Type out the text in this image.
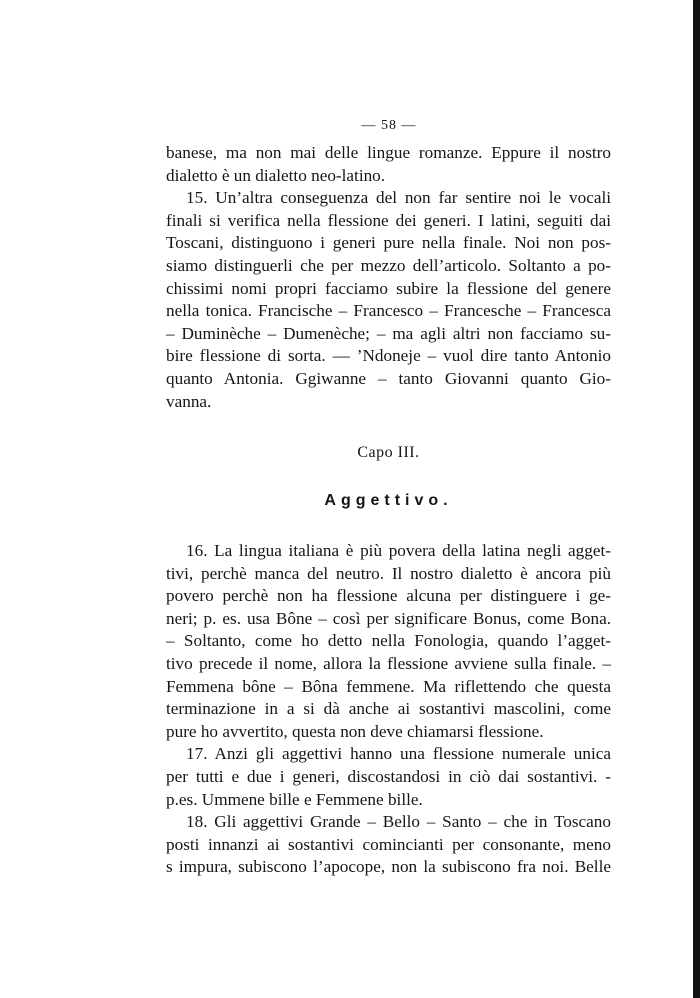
— 58 —
banese, ma non mai delle lingue romanze. Eppure il nostro
dialetto è un dialetto neo-latino.
15. Un’altra conseguenza del non far sentire noi le vocali
finali si verifica nella flessione dei generi. I latini, seguiti dai
Toscani, distinguono i generi pure nella finale. Noi non pos-
siamo distinguerli che per mezzo dell’articolo. Soltanto a po-
chissimi nomi propri facciamo subire la flessione del genere
nella tonica. Francische – Francesco – Francesche – Francesca
– Duminèche – Dumenèche; – ma agli altri non facciamo su-
bire flessione di sorta. — ’Ndoneje – vuol dire tanto Antonio
quanto Antonia. Ggiwanne – tanto Giovanni quanto Gio-
vanna.
Capo III.
Aggettivo.
16. La lingua italiana è più povera della latina negli agget-
tivi, perchè manca del neutro. Il nostro dialetto è ancora più
povero perchè non ha flessione alcuna per distinguere i ge-
neri; p. es. usa Bône – così per significare Bonus, come Bona.
– Soltanto, come ho detto nella Fonologia, quando l’agget-
tivo precede il nome, allora la flessione avviene sulla finale. –
Femmena bône – Bôna femmene. Ma riflettendo che questa
terminazione in a si dà anche ai sostantivi mascolini, come
pure ho avvertito, questa non deve chiamarsi flessione.
17. Anzi gli aggettivi hanno una flessione numerale unica
per tutti e due i generi, discostandosi in ciò dai sostantivi. -
p.es. Ummene bille e Femmene bille.
18. Gli aggettivi Grande – Bello – Santo – che in Toscano
posti innanzi ai sostantivi comincianti per consonante, meno
s impura, subiscono l’apocope, non la subiscono fra noi. Belle
